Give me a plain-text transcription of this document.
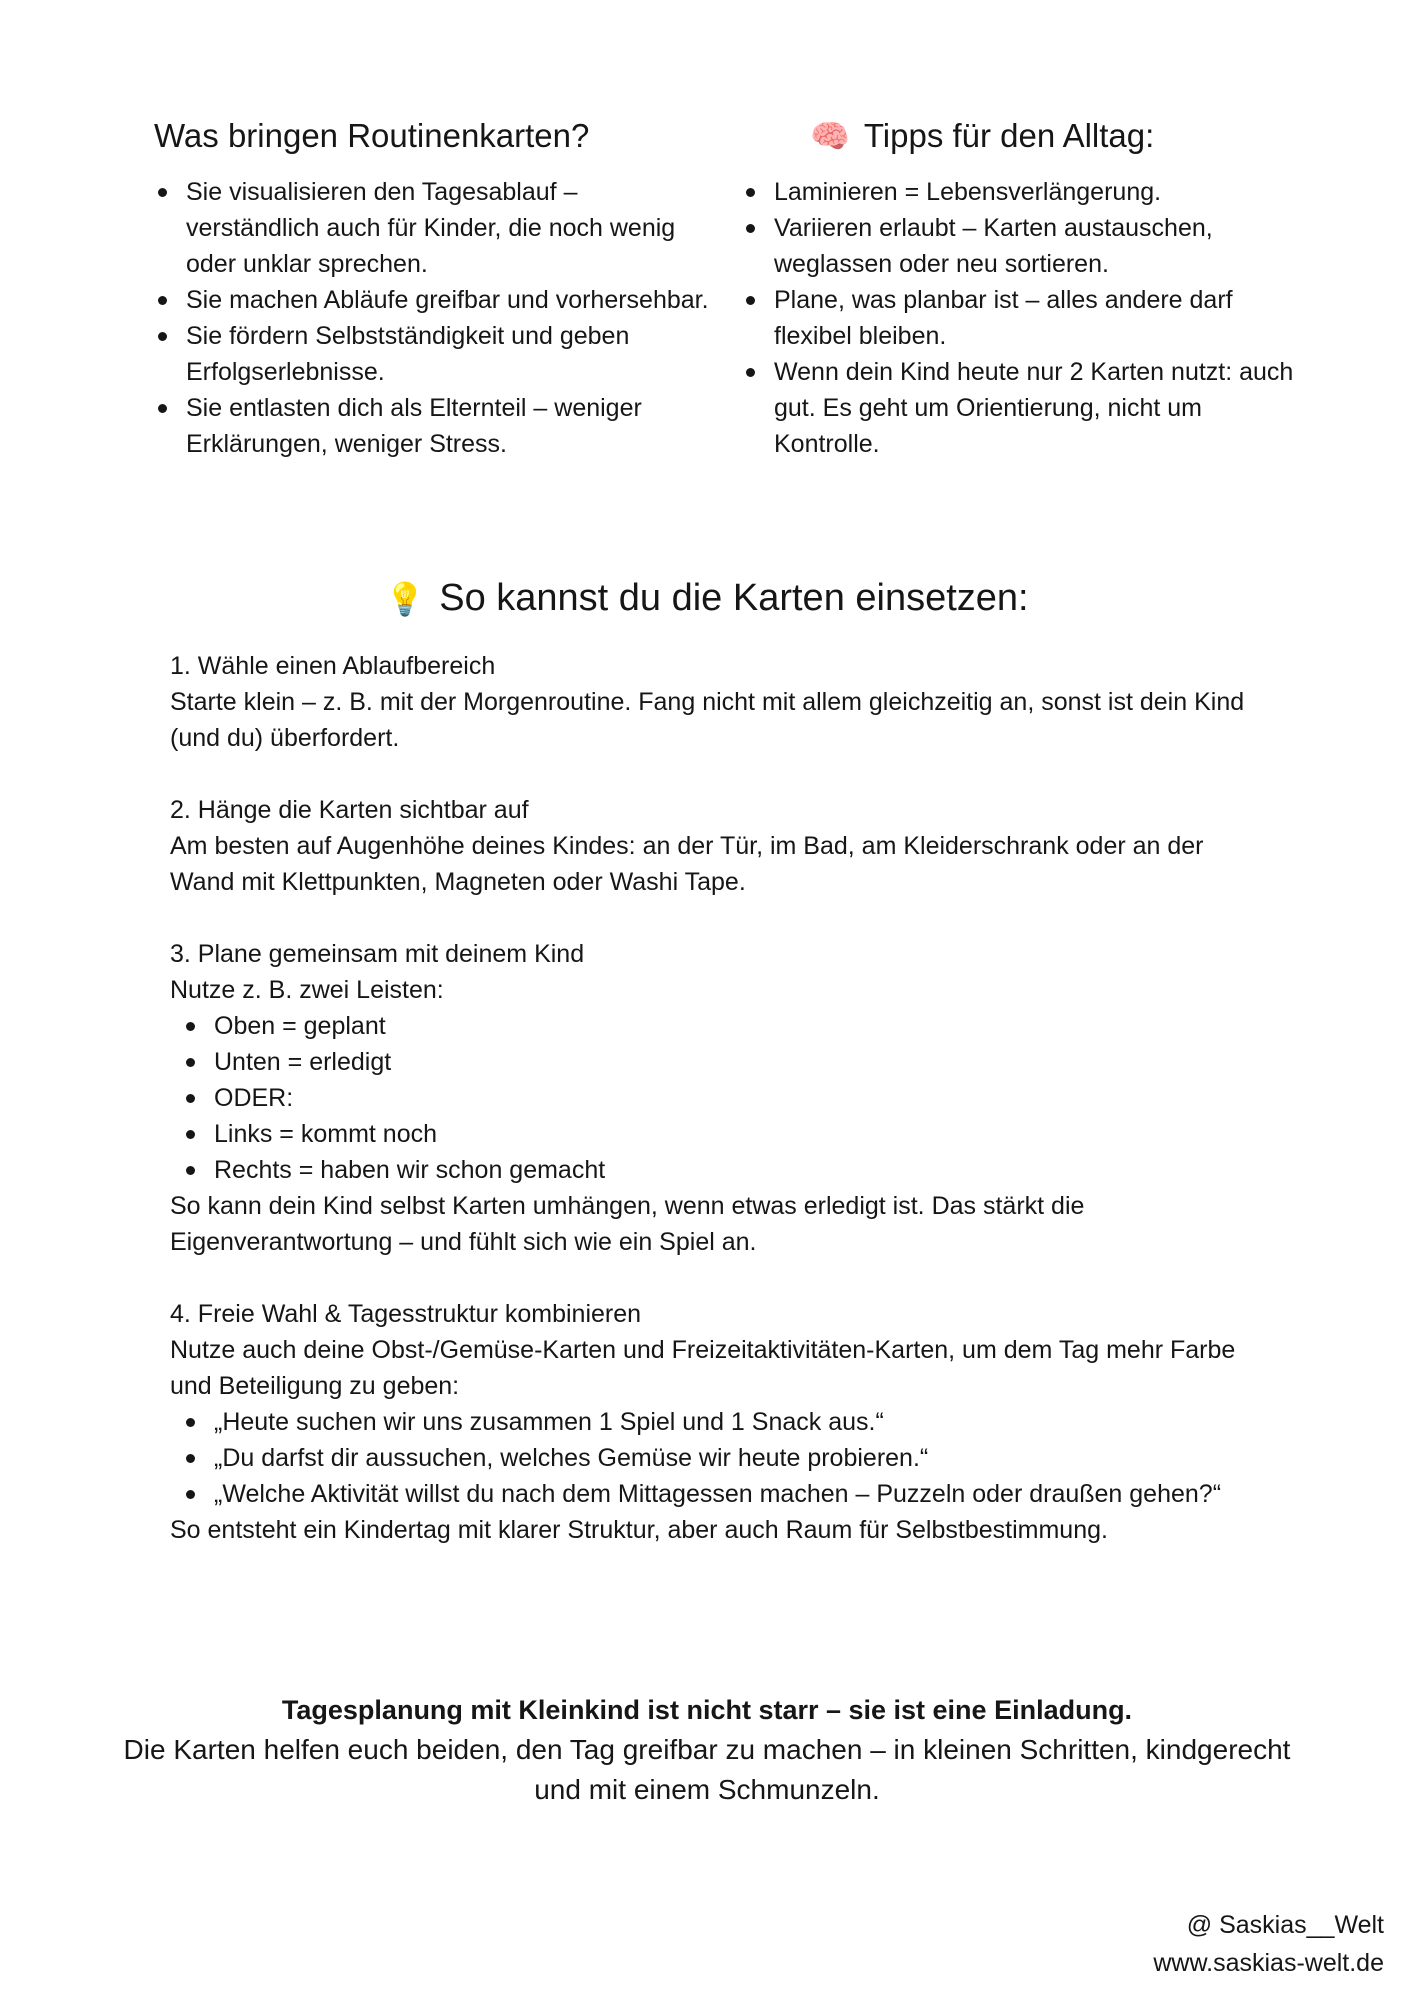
Was bringen Routinenkarten?
Sie visualisieren den Tagesablauf – verständlich auch für Kinder, die noch wenig oder unklar sprechen.
Sie machen Abläufe greifbar und vorhersehbar.
Sie fördern Selbstständigkeit und geben Erfolgserlebnisse.
Sie entlasten dich als Elternteil – weniger Erklärungen, weniger Stress.
🧠 Tipps für den Alltag:
Laminieren = Lebensverlängerung.
Variieren erlaubt – Karten austauschen, weglassen oder neu sortieren.
Plane, was planbar ist – alles andere darf flexibel bleiben.
Wenn dein Kind heute nur 2 Karten nutzt: auch gut. Es geht um Orientierung, nicht um Kontrolle.
💡 So kannst du die Karten einsetzen:

1. Wähle einen Ablaufbereich

Starte klein – z. B. mit der Morgenroutine. Fang nicht mit allem gleichzeitig an, sonst ist dein Kind (und du) überfordert.

2. Hänge die Karten sichtbar auf

Am besten auf Augenhöhe deines Kindes: an der Tür, im Bad, am Kleiderschrank oder an der Wand mit Klettpunkten, Magneten oder Washi Tape.

3. Plane gemeinsam mit deinem Kind

Nutze z. B. zwei Leisten:

Oben = geplant
Unten = erledigt
ODER:
Links = kommt noch
Rechts = haben wir schon gemacht

So kann dein Kind selbst Karten umhängen, wenn etwas erledigt ist. Das stärkt die Eigenverantwortung – und fühlt sich wie ein Spiel an.

4. Freie Wahl & Tagesstruktur kombinieren

Nutze auch deine Obst-/Gemüse-Karten und Freizeitaktivitäten-Karten, um dem Tag mehr Farbe und Beteiligung zu geben:

„Heute suchen wir uns zusammen 1 Spiel und 1 Snack aus.“
„Du darfst dir aussuchen, welches Gemüse wir heute probieren.“
„Welche Aktivität willst du nach dem Mittagessen machen – Puzzeln oder draußen gehen?“

So entsteht ein Kindertag mit klarer Struktur, aber auch Raum für Selbstbestimmung.

Tagesplanung mit Kleinkind ist nicht starr – sie ist eine Einladung.

Die Karten helfen euch beiden, den Tag greifbar zu machen – in kleinen Schritten, kindgerecht und mit einem Schmunzeln.

@ Saskias__Welt

www.saskias-welt.de
